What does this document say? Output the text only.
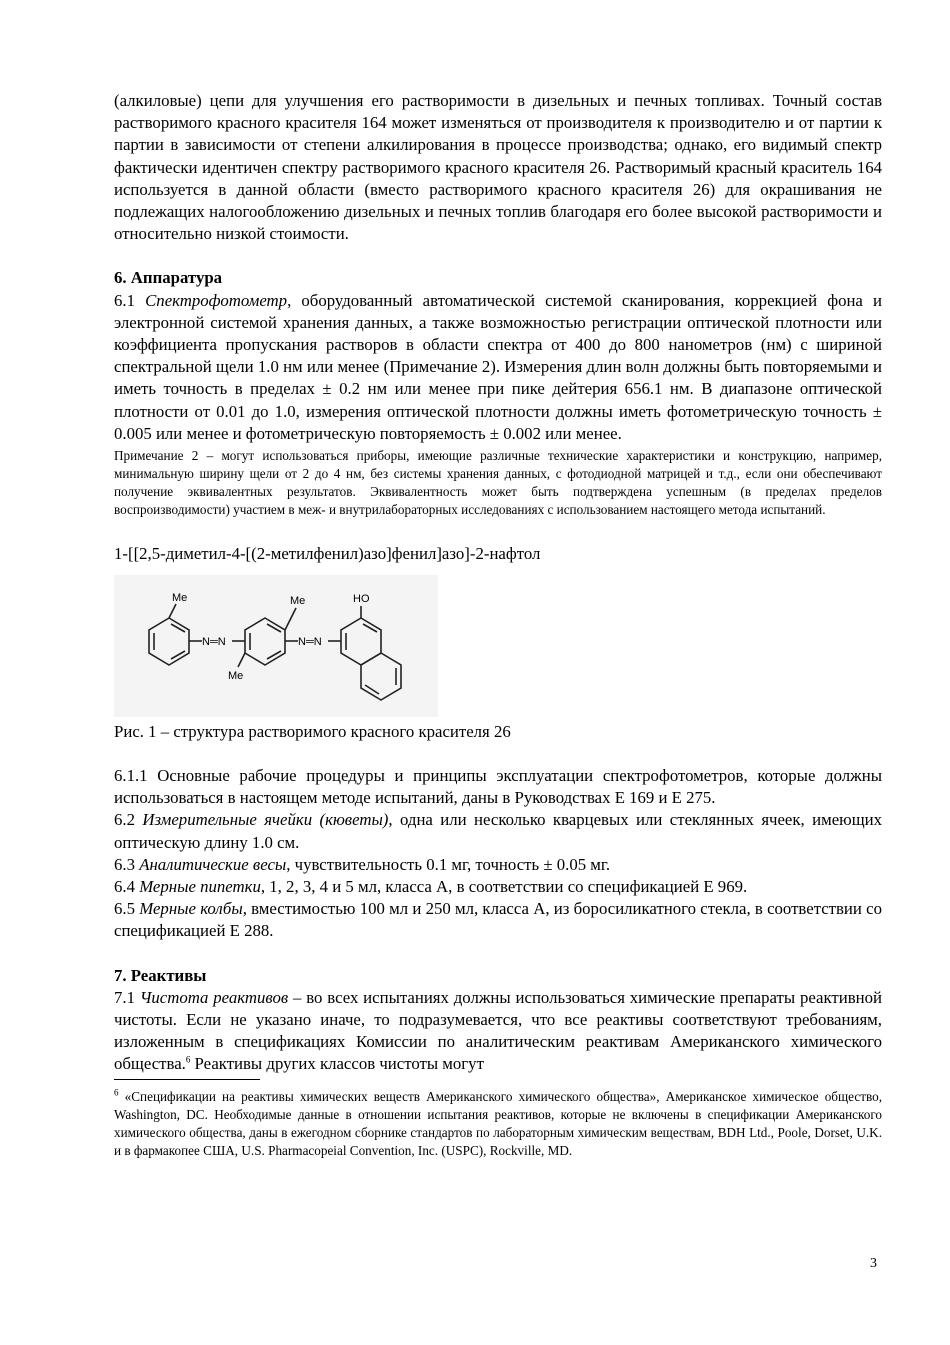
(алкиловые) цепи для улучшения его растворимости в дизельных и печных топливах. Точный состав растворимого красного красителя 164 может изменяться от производителя к производителю и от партии к партии в зависимости от степени алкилирования в процессе производства; однако, его видимый спектр фактически идентичен спектру растворимого красного красителя 26. Растворимый красный краситель 164 используется в данной области (вместо растворимого красного красителя 26) для окрашивания не подлежащих налогообложению дизельных и печных топлив благодаря его более высокой растворимости и относительно низкой стоимости.

6. Аппаратура

6.1 Спектрофотометр, оборудованный автоматической системой сканирования, коррекцией фона и электронной системой хранения данных, а также возможностью регистрации оптической плотности или коэффициента пропускания растворов в области спектра от 400 до 800 нанометров (нм) с шириной спектральной щели 1.0 нм или менее (Примечание 2). Измерения длин волн должны быть повторяемыми и иметь точность в пределах ± 0.2 нм или менее при пике дейтерия 656.1 нм. В диапазоне оптической плотности от 0.01 до 1.0, измерения оптической плотности должны иметь фотометрическую точность ± 0.005 или менее и фотометрическую повторяемость ± 0.002 или менее.

Примечание 2 – могут использоваться приборы, имеющие различные технические характеристики и конструкцию, например, минимальную ширину щели от 2 до 4 нм, без системы хранения данных, с фотодиодной матрицей и т.д., если они обеспечивают получение эквивалентных результатов. Эквивалентность может быть подтверждена успешным (в пределах пределов воспроизводимости) участием в меж- и внутрилабораторных исследованиях с использованием настоящего метода испытаний.

1-[[2,5-диметил-4-[(2-метилфенил)азо]фенил]азо]-2-нафтол

Me
N═N
Me
Me
N═N
HO

Рис. 1 – структура растворимого красного красителя 26

6.1.1 Основные рабочие процедуры и принципы эксплуатации спектрофотометров, которые должны использоваться в настоящем методе испытаний, даны в Руководствах E 169 и E 275.

6.2 Измерительные ячейки (кюветы), одна или несколько кварцевых или стеклянных ячеек, имеющих оптическую длину 1.0 см.

6.3 Аналитические весы, чувствительность 0.1 мг, точность ± 0.05 мг.

6.4 Мерные пипетки, 1, 2, 3, 4 и 5 мл, класса А, в соответствии со спецификацией E 969.

6.5 Мерные колбы, вместимостью 100 мл и 250 мл, класса А, из боросиликатного стекла, в соответствии со спецификацией E 288.

7. Реактивы

7.1 Чистота реактивов – во всех испытаниях должны использоваться химические препараты реактивной чистоты. Если не указано иначе, то подразумевается, что все реактивы соответствуют требованиям, изложенным в спецификациях Комиссии по аналитическим реактивам Американского химического общества.$^6$ Реактивы других классов чистоты могут

$^6$ «Спецификации на реактивы химических веществ Американского химического общества», Американское химическое общество, Washington, DC. Необходимые данные в отношении испытания реактивов, которые не включены в спецификации Американского химического общества, даны в ежегодном сборнике стандартов по лабораторным химическим веществам, BDH Ltd., Poole, Dorset, U.K. и в фармакопее США, U.S. Pharmacopeial Convention, Inc. (USPC), Rockville, MD.

3
